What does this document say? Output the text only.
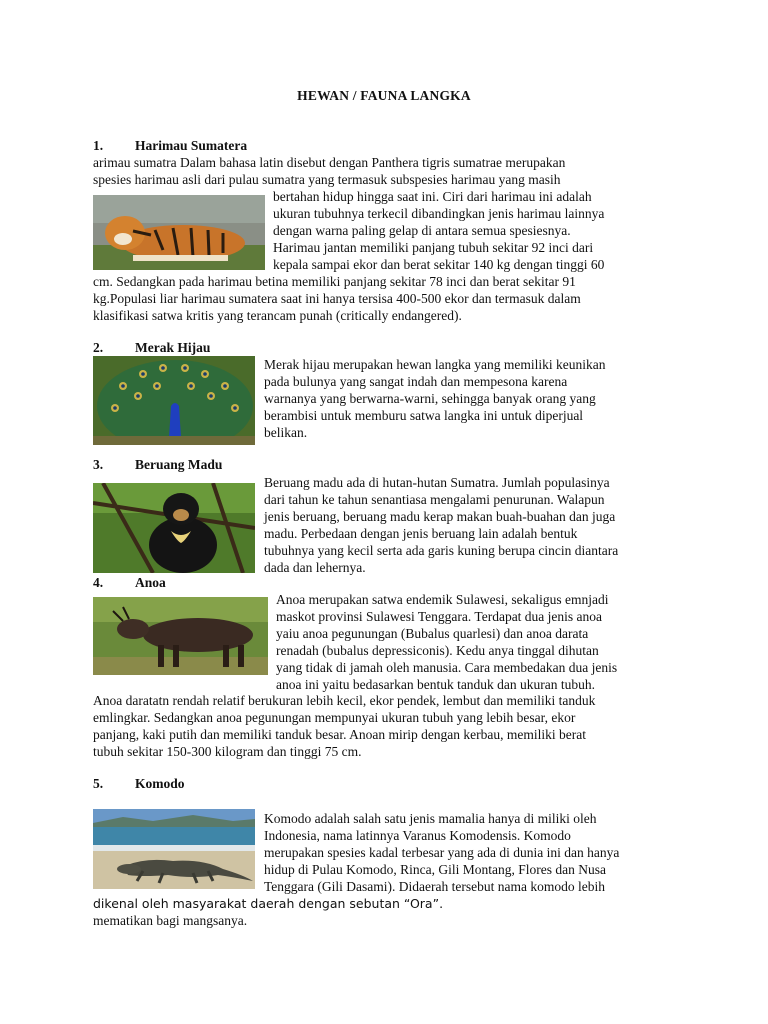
HEWAN / FAUNA LANGKA
1. Harimau Sumatera
arimau sumatra Dalam bahasa latin disebut dengan Panthera tigris sumatrae merupakan
spesies harimau asli dari pulau sumatra yang termasuk subspesies harimau yang masih
bertahan hidup hingga saat ini. Ciri dari harimau ini adalah
ukuran tubuhnya terkecil dibandingkan jenis harimau lainnya
dengan warna paling gelap di antara semua spesiesnya.
Harimau jantan memiliki panjang tubuh sekitar 92 inci dari
kepala sampai ekor dan berat sekitar 140 kg dengan tinggi 60
cm. Sedangkan pada harimau betina memiliki panjang sekitar 78 inci dan berat sekitar 91
kg.Populasi liar harimau sumatera saat ini hanya tersisa 400-500 ekor dan termasuk dalam
klasifikasi satwa kritis yang terancam punah (critically endangered).
2. Merak Hijau
Merak hijau merupakan hewan langka yang memiliki keunikan
pada bulunya yang sangat indah dan mempesona karena
warnanya yang berwarna-warni, sehingga banyak orang yang
berambisi untuk memburu satwa langka ini untuk diperjual
belikan.
3. Beruang Madu
Beruang madu ada di hutan-hutan Sumatra. Jumlah populasinya
dari tahun ke tahun senantiasa mengalami penurunan. Walapun
jenis beruang, beruang madu kerap makan buah-buahan dan juga
madu. Perbedaan dengan jenis beruang lain adalah bentuk
tubuhnya yang kecil serta ada garis kuning berupa cincin diantara
dada dan lehernya.
4. Anoa
Anoa merupakan satwa endemik Sulawesi, sekaligus emnjadi
maskot provinsi Sulawesi Tenggara. Terdapat dua jenis anoa
yaiu anoa pegunungan (Bubalus quarlesi) dan anoa darata
renadah (bubalus depressiconis). Kedu anya tinggal dihutan
yang tidak di jamah oleh manusia. Cara membedakan dua jenis
anoa ini yaitu bedasarkan bentuk tanduk dan ukuran tubuh.
Anoa daratatn rendah relatif berukuran lebih kecil, ekor pendek, lembut dan memiliki tanduk
emlingkar. Sedangkan anoa pegunungan mempunyai ukuran tubuh yang lebih besar, ekor
panjang, kaki putih dan memiliki tanduk besar. Anoan mirip dengan kerbau, memiliki berat
tubuh sekitar 150-300 kilogram dan tinggi 75 cm.
5. Komodo
Komodo adalah salah satu jenis mamalia hanya di miliki oleh
Indonesia, nama latinnya Varanus Komodensis. Komodo
merupakan spesies kadal terbesar yang ada di dunia ini dan hanya
hidup di Pulau Komodo, Rinca, Gili Montang, Flores dan Nusa
Tenggara (Gili Dasami). Didaerah tersebut nama komodo lebih
dikenal oleh masyarakat daerah dengan sebutan “Ora”.
mematikan bagi mangsanya.
